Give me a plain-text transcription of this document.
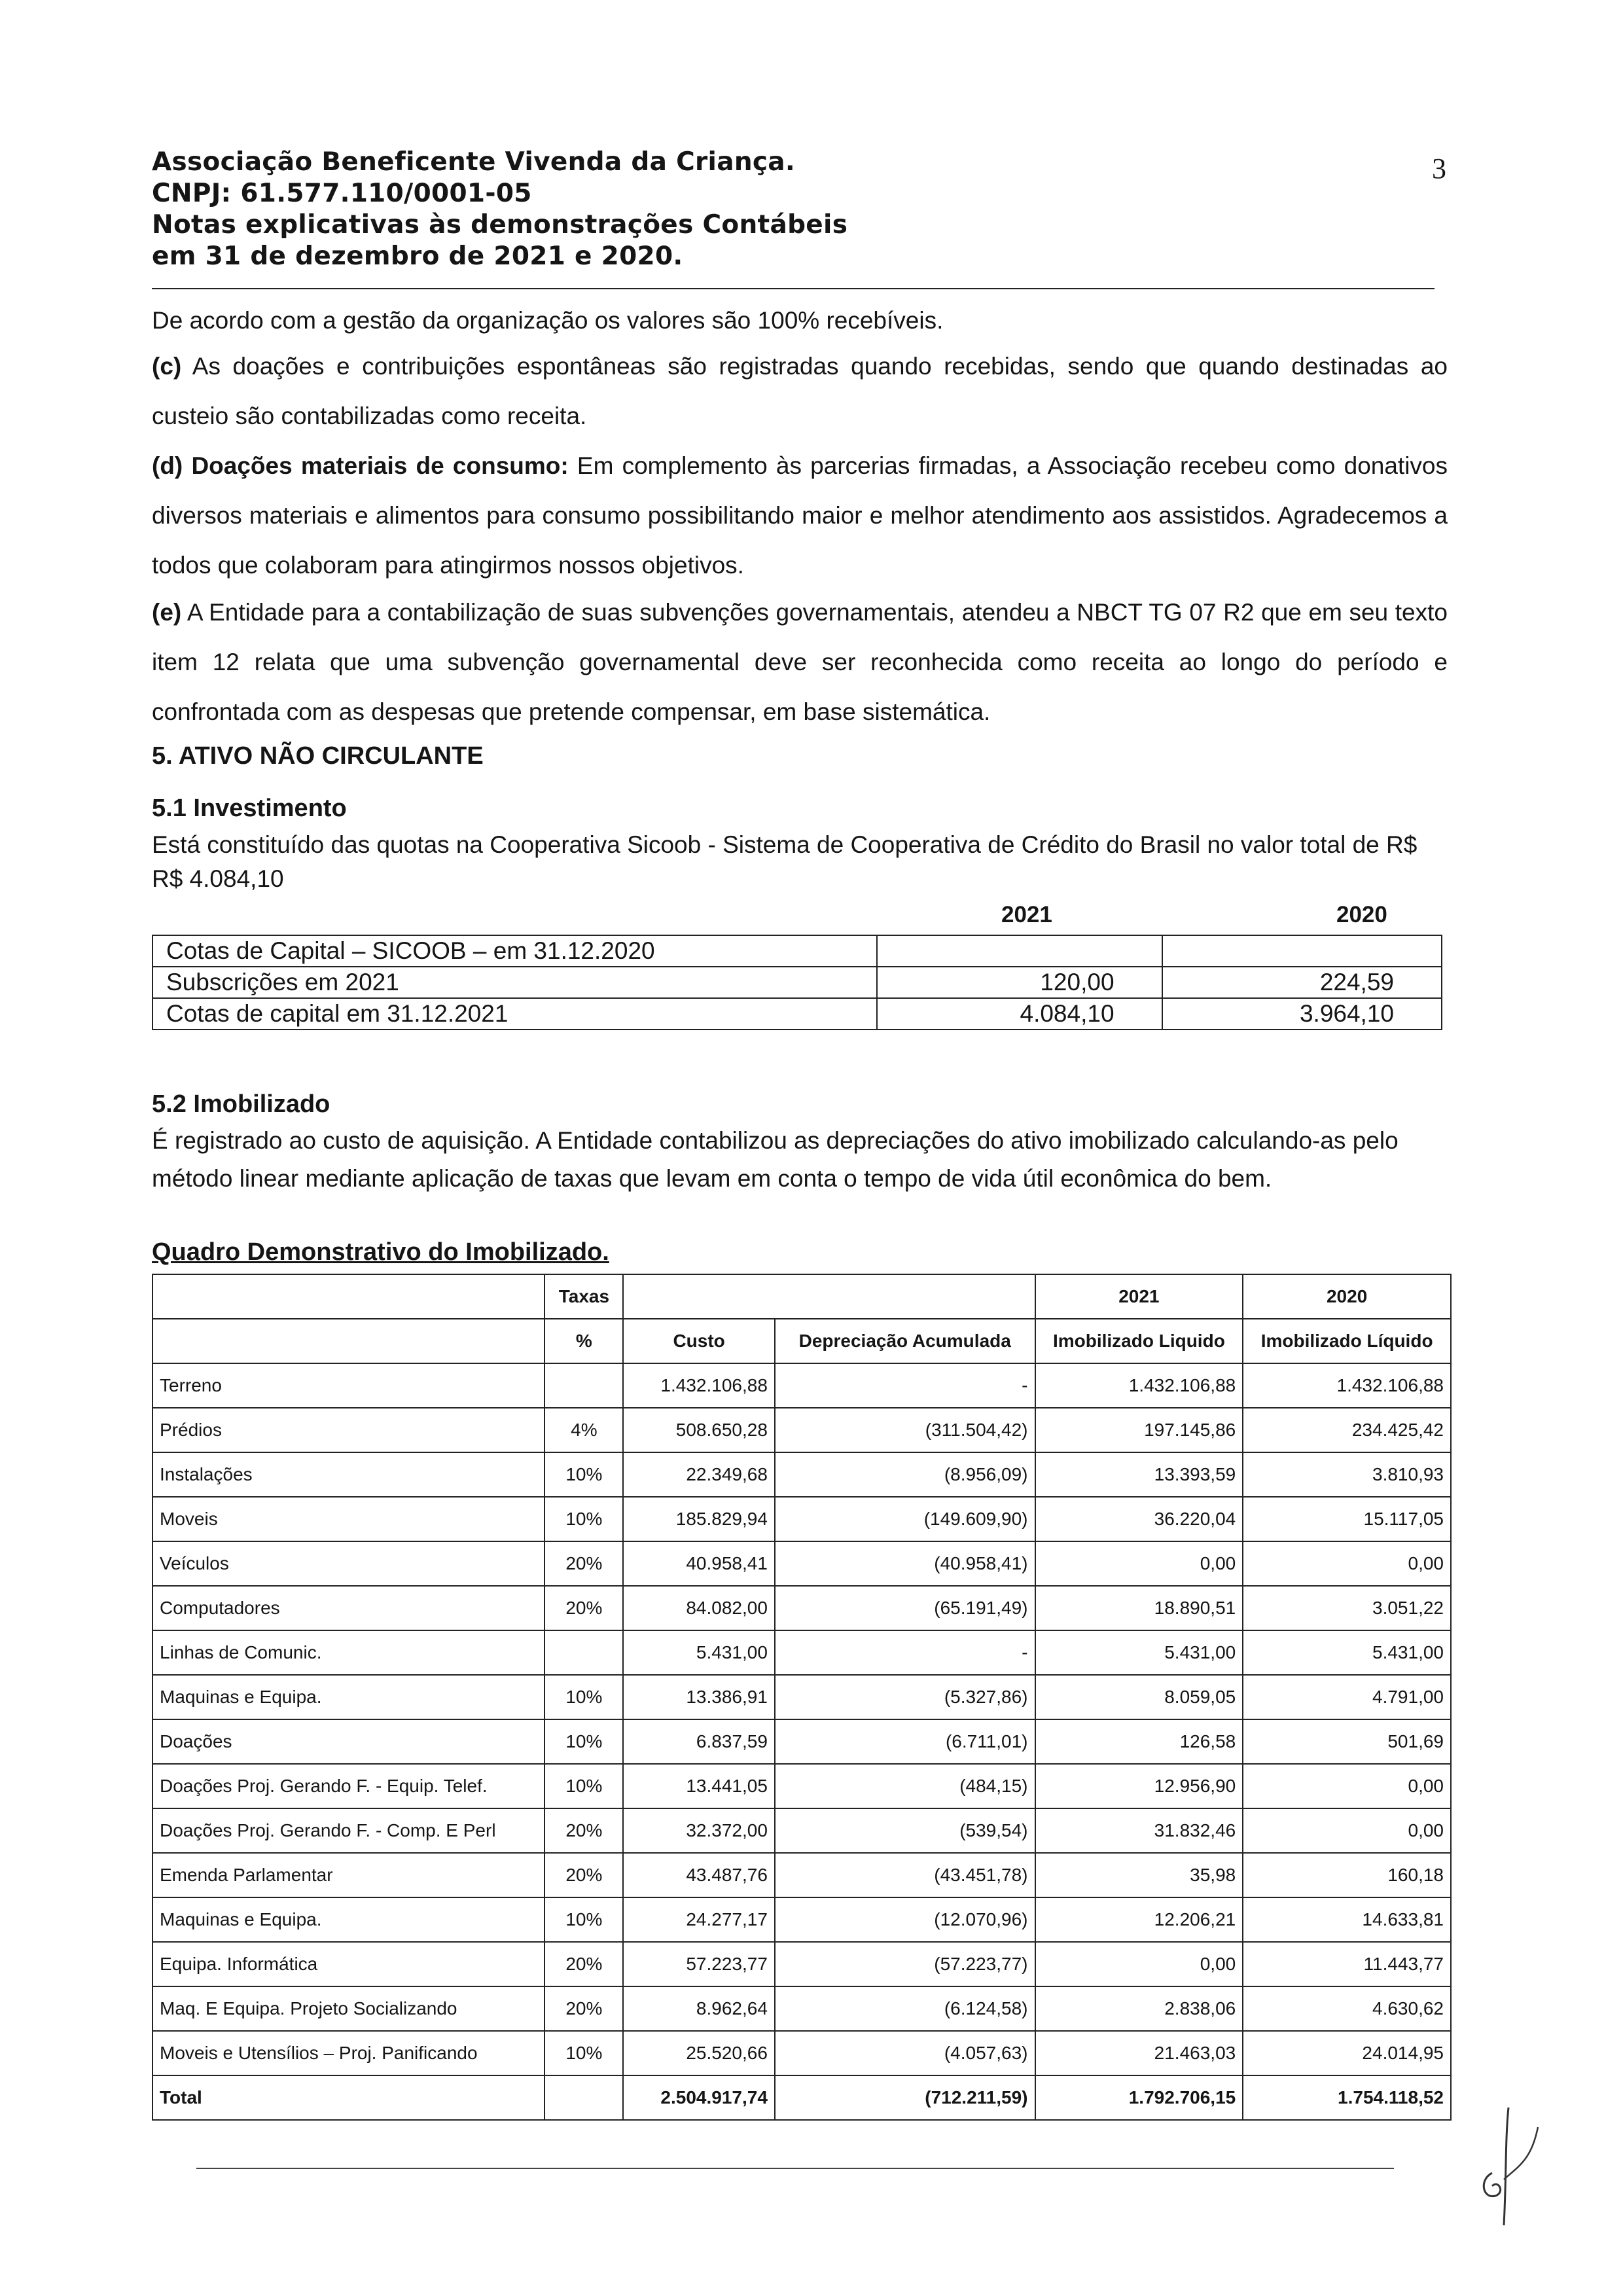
Associação Beneficente Vivenda da Criança.
CNPJ: 61.577.110/0001-05
Notas explicativas às demonstrações Contábeis
em 31 de dezembro de 2021 e 2020.
3

De acordo com a gestão da organização os valores são 100% recebíveis.

(c) As doações e contribuições espontâneas são registradas quando recebidas, sendo que quando destinadas ao custeio são contabilizadas como receita.

(d) Doações materiais de consumo: Em complemento às parcerias firmadas, a Associação recebeu como donativos diversos materiais e alimentos para consumo possibilitando maior e melhor atendimento aos assistidos. Agradecemos a todos que colaboram para atingirmos nossos objetivos.

(e) A Entidade para a contabilização de suas subvenções governamentais, atendeu a NBCT TG 07 R2 que em seu texto item 12 relata que uma subvenção governamental deve ser reconhecida como receita ao longo do período e confrontada com as despesas que pretende compensar, em base sistemática.

5. ATIVO NÃO CIRCULANTE
5.1 Investimento
Está constituído das quotas na Cooperativa Sicoob - Sistema de Cooperativa de Crédito do Brasil no valor total de R$
R$ 4.084,10
2021	2020
Cotas de Capital – SICOOB – em 31.12.2020		
Subscrições em 2021	120,00	224,59
Cotas de capital em 31.12.2021	4.084,10	3.964,10
5.2 Imobilizado
É registrado ao custo de aquisição. A Entidade contabilizou as depreciações do ativo imobilizado calculando-as pelo
método linear mediante aplicação de taxas que levam em conta o tempo de vida útil econômica do bem.
Quadro Demonstrativo do Imobilizado.
	Taxas			2021	2020
	%	Custo	Depreciação Acumulada	Imobilizado Liquido	Imobilizado Líquido
Terreno		1.432.106,88	-	1.432.106,88	1.432.106,88
Prédios	4%	508.650,28	(311.504,42)	197.145,86	234.425,42
Instalações	10%	22.349,68	(8.956,09)	13.393,59	3.810,93
Moveis	10%	185.829,94	(149.609,90)	36.220,04	15.117,05
Veículos	20%	40.958,41	(40.958,41)	0,00	0,00
Computadores	20%	84.082,00	(65.191,49)	18.890,51	3.051,22
Linhas de Comunic.		5.431,00	-	5.431,00	5.431,00
Maquinas e Equipa.	10%	13.386,91	(5.327,86)	8.059,05	4.791,00
Doações	10%	6.837,59	(6.711,01)	126,58	501,69
Doações Proj. Gerando F. - Equip. Telef.	10%	13.441,05	(484,15)	12.956,90	0,00
Doações Proj. Gerando F. - Comp. E Perl	20%	32.372,00	(539,54)	31.832,46	0,00
Emenda Parlamentar	20%	43.487,76	(43.451,78)	35,98	160,18
Maquinas e Equipa.	10%	24.277,17	(12.070,96)	12.206,21	14.633,81
Equipa. Informática	20%	57.223,77	(57.223,77)	0,00	11.443,77
Maq. E Equipa. Projeto Socializando	20%	8.962,64	(6.124,58)	2.838,06	4.630,62
Moveis e Utensílios – Proj. Panificando	10%	25.520,66	(4.057,63)	21.463,03	24.014,95
Total		2.504.917,74	(712.211,59)	1.792.706,15	1.754.118,52
